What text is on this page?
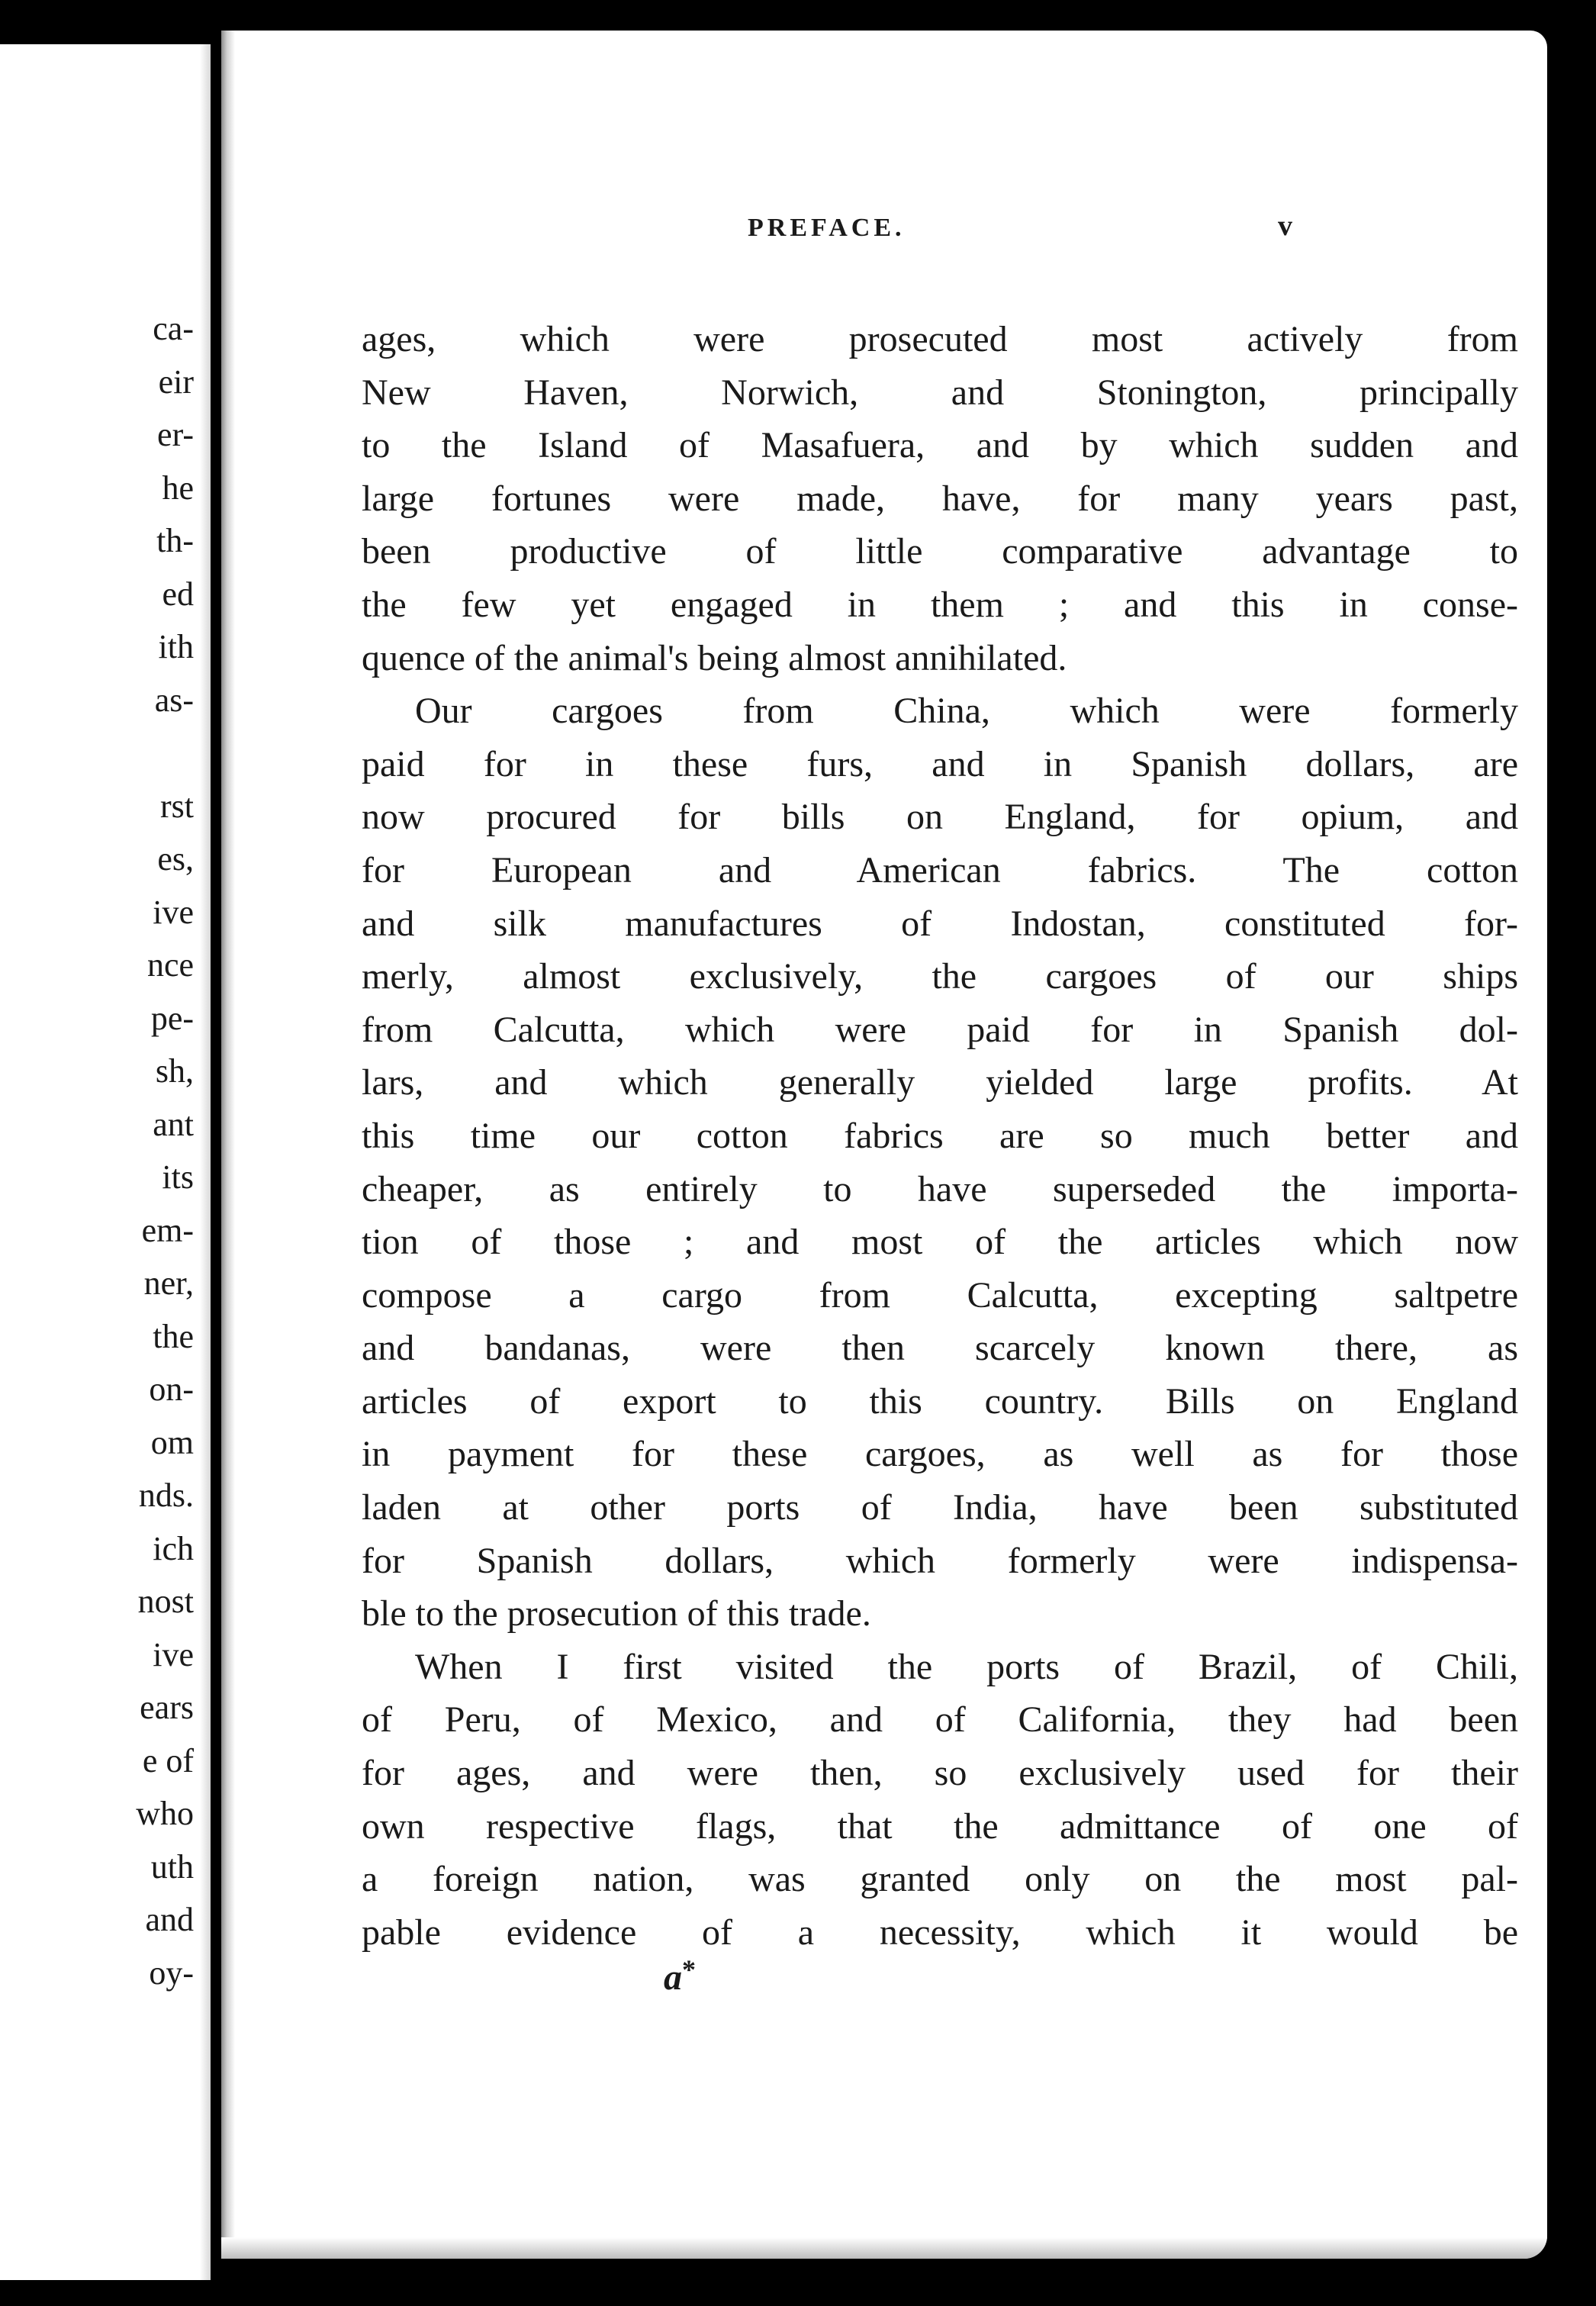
ca-
eir
er-
he
th-
ed
ith
as-
rst
es,
ive
nce
pe-
sh,
ant
its
em-
ner,
the
on-
om
nds.
ich
nost
ive
ears
e of
who
uth
and
oy-
PREFACE.	v
ages, which were prosecuted most actively from
New Haven, Norwich, and Stonington, principally
to the Island of Masafuera, and by which sudden and
large fortunes were made, have, for many years past,
been productive of little comparative advantage to
the few yet engaged in them ; and this in conse-
quence of the animal's being almost annihilated.
Our cargoes from China, which were formerly
paid for in these furs, and in Spanish dollars, are
now procured for bills on England, for opium, and
for European and American fabrics. The cotton
and silk manufactures of Indostan, constituted for-
merly, almost exclusively, the cargoes of our ships
from Calcutta, which were paid for in Spanish dol-
lars, and which generally yielded large profits. At
this time our cotton fabrics are so much better and
cheaper, as entirely to have superseded the importa-
tion of those ; and most of the articles which now
compose a cargo from Calcutta, excepting saltpetre
and bandanas, were then scarcely known there, as
articles of export to this country. Bills on England
in payment for these cargoes, as well as for those
laden at other ports of India, have been substituted
for Spanish dollars, which formerly were indispensa-
ble to the prosecution of this trade.
When I first visited the ports of Brazil, of Chili,
of Peru, of Mexico, and of California, they had been
for ages, and were then, so exclusively used for their
own respective flags, that the admittance of one of
a foreign nation, was granted only on the most pal-
pable evidence of a necessity, which it would be
a*
